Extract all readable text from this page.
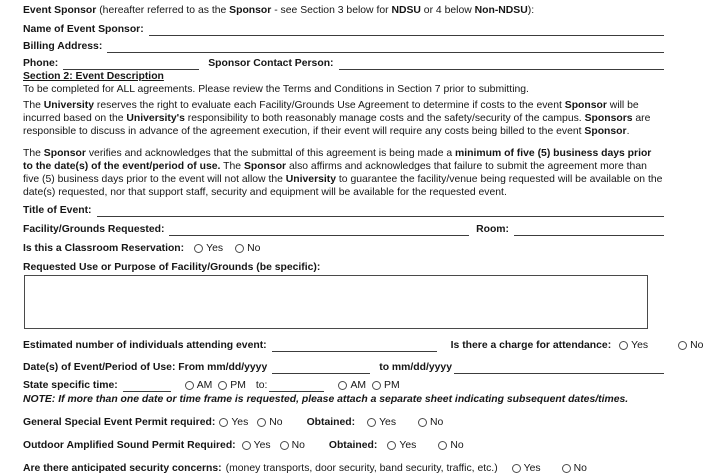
Event Sponsor (hereafter referred to as the Sponsor - see Section 3 below for NDSU or 4 below Non-NDSU):

Name of Event Sponsor:
Billing Address:
Phone:	Sponsor Contact Person:

Section 2: Event Description

To be completed for ALL agreements. Please review the Terms and Conditions in Section 7 prior to submitting.

The University reserves the right to evaluate each Facility/Grounds Use Agreement to determine if costs to the event Sponsor will be incurred based on the University's responsibility to both reasonably manage costs and the safety/security of the campus. Sponsors are responsible to discuss in advance of the agreement execution, if their event will require any costs being billed to the event Sponsor.

The Sponsor verifies and acknowledges that the submittal of this agreement is being made a minimum of five (5) business days prior to the date(s) of the event/period of use. The Sponsor also affirms and acknowledges that failure to submit the agreement more than five (5) business days prior to the event will not allow the University to guarantee the facility/venue being requested will be available on the date(s) requested, nor that support staff, security and equipment will be available for the requested event.

Title of Event:
Facility/Grounds Requested:	Room:
Is this a Classroom Reservation: Yes No

Requested Use or Purpose of Facility/Grounds (be specific):

Estimated number of individuals attending event:	Is there a charge for attendance: Yes	No
Date(s) of Event/Period of Use: From mm/dd/yyyy	to mm/dd/yyyy
State specific time:	AM PM to:	AM PM

NOTE: If more than one date or time frame is requested, please attach a separate sheet indicating subsequent dates/times.

General Special Event Permit required: Yes No Obtained: Yes	No
Outdoor Amplified Sound Permit Required: Yes No Obtained: Yes	No
Are there anticipated security concerns: (money transports, door security, band security, traffic, etc.)	Yes	No
